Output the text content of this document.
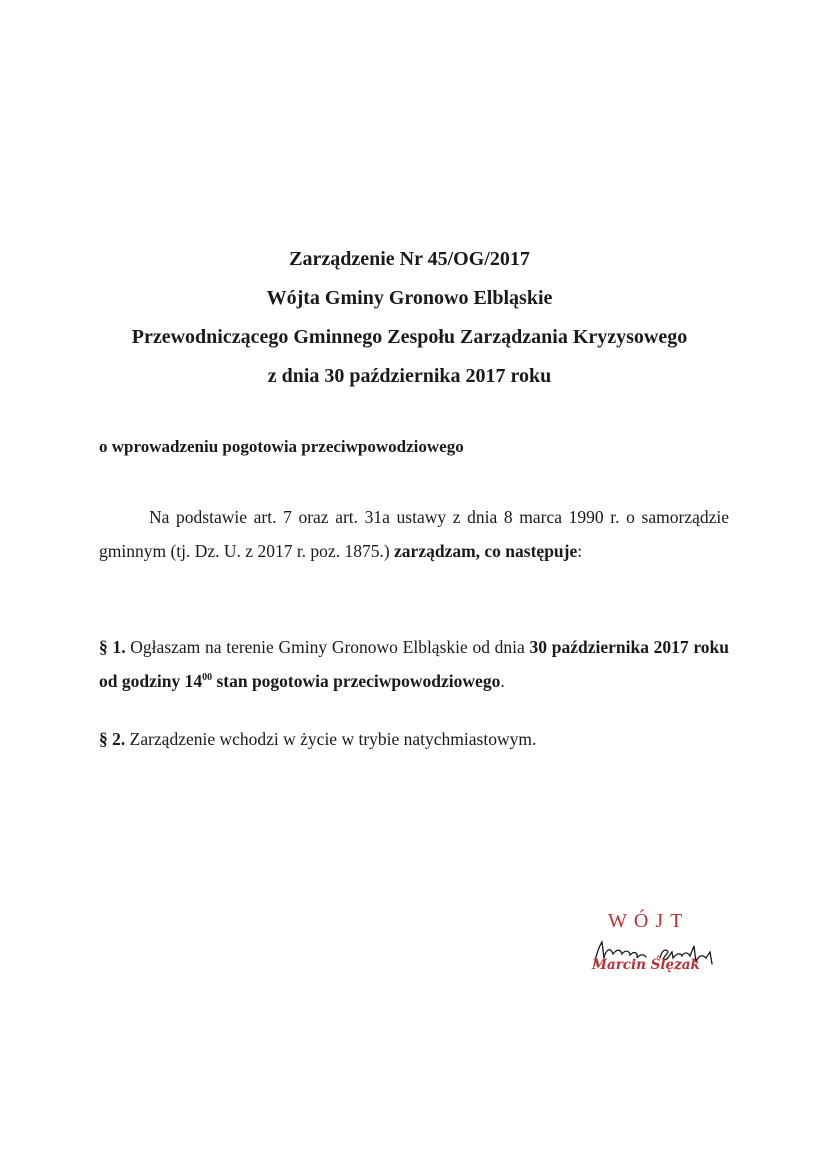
Zarządzenie Nr 45/OG/2017
Wójta Gminy Gronowo Elbląskie
Przewodniczącego Gminnego Zespołu Zarządzania Kryzysowego
z dnia 30 października 2017 roku
o wprowadzeniu pogotowia przeciwpowodziowego
Na podstawie art. 7 oraz art. 31a ustawy z dnia 8 marca 1990 r. o samorządzie gminnym (tj. Dz. U. z 2017 r. poz. 1875.) zarządzam, co następuje:
§ 1. Ogłaszam na terenie Gminy Gronowo Elbląskie od dnia 30 października 2017 roku od godziny $14^{00}$ stan pogotowia przeciwpowodziowego.
§ 2. Zarządzenie wchodzi w życie w trybie natychmiastowym.
WÓJT
Marcin Ślęzak
